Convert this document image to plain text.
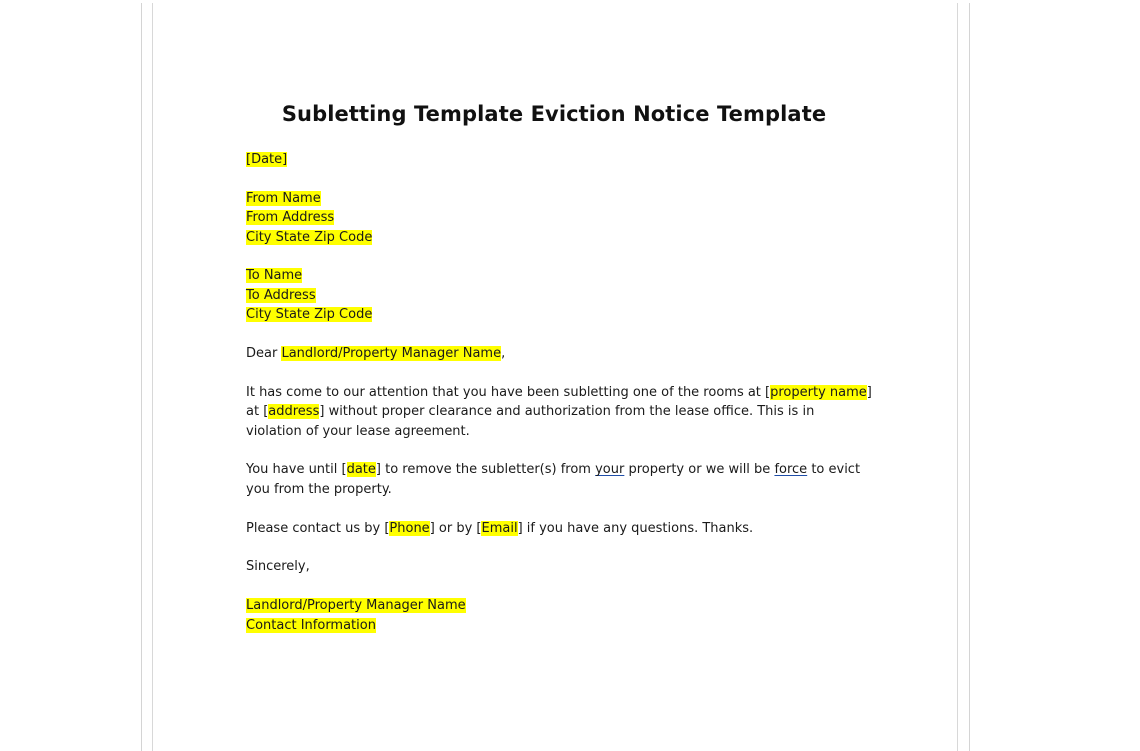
Subletting Template Eviction Notice Template
[Date]
From Name
From Address
City State Zip Code
To Name
To Address
City State Zip Code
Dear Landlord/Property Manager Name,
It has come to our attention that you have been subletting one of the rooms at [property name]
at [address] without proper clearance and authorization from the lease office. This is in
violation of your lease agreement.
You have until [date] to remove the subletter(s) from your property or we will be force to evict
you from the property.
Please contact us by [Phone] or by [Email] if you have any questions. Thanks.
Sincerely,
Landlord/Property Manager Name
Contact Information
